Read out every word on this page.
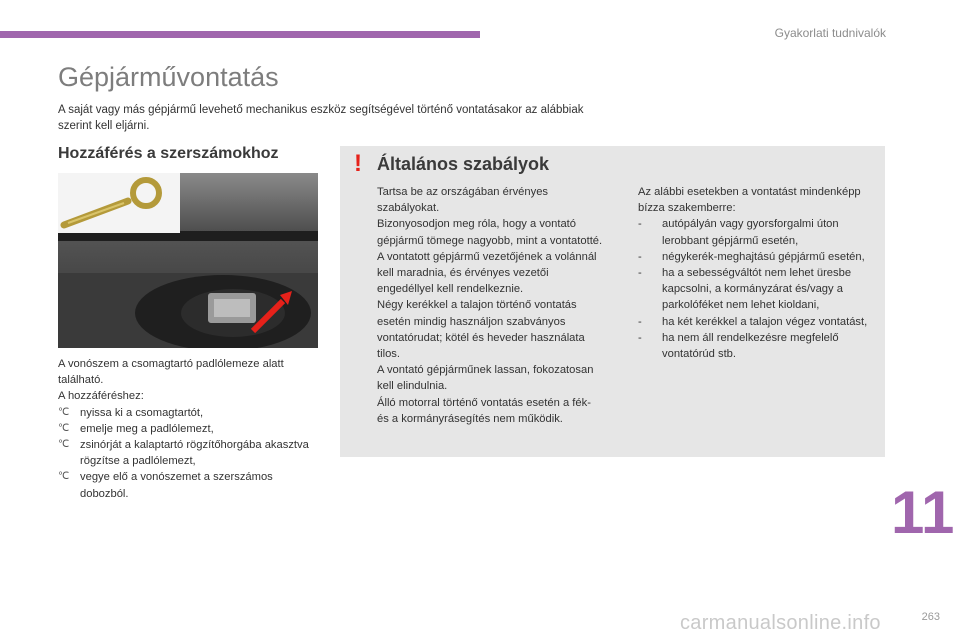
Gyakorlati tudnivalók
Gépjárművontatás
A saját vagy más gépjármű levehető mechanikus eszköz segítségével történő vontatásakor az alábbiak szerint kell eljárni.
Hozzáférés a szerszámokhoz
A vonószem a csomagtartó padlólemeze alatt található.
A hozzáféréshez:
℃ nyissa ki a csomagtartót,
℃ emelje meg a padlólemezt,
℃ zsinórját a kalaptartó rögzítőhorgába akasztva rögzítse a padlólemezt,
℃ vegye elő a vonószemet a szerszámos dobozból.
! Általános szabályok
Tartsa be az országában érvényes szabályokat.
Bizonyosodjon meg róla, hogy a vontató gépjármű tömege nagyobb, mint a vontatotté.
A vontatott gépjármű vezetőjének a volánnál kell maradnia, és érvényes vezetői engedéllyel kell rendelkeznie.
Négy kerékkel a talajon történő vontatás esetén mindig használjon szabványos vontatórudat; kötél és heveder használata tilos.
A vontató gépjárműnek lassan, fokozatosan kell elindulnia.
Álló motorral történő vontatás esetén a fék- és a kormányrásegítés nem működik.
Az alábbi esetekben a vontatást mindenképp bízza szakemberre:
- autópályán vagy gyorsforgalmi úton lerobbant gépjármű esetén,
- négykerék-meghajtású gépjármű esetén,
- ha a sebességváltót nem lehet üresbe kapcsolni, a kormányzárat és/vagy a parkolóféket nem lehet kioldani,
- ha két kerékkel a talajon végez vontatást,
- ha nem áll rendelkezésre megfelelő vontatórúd stb.
11
carmanualsonline.info	263
